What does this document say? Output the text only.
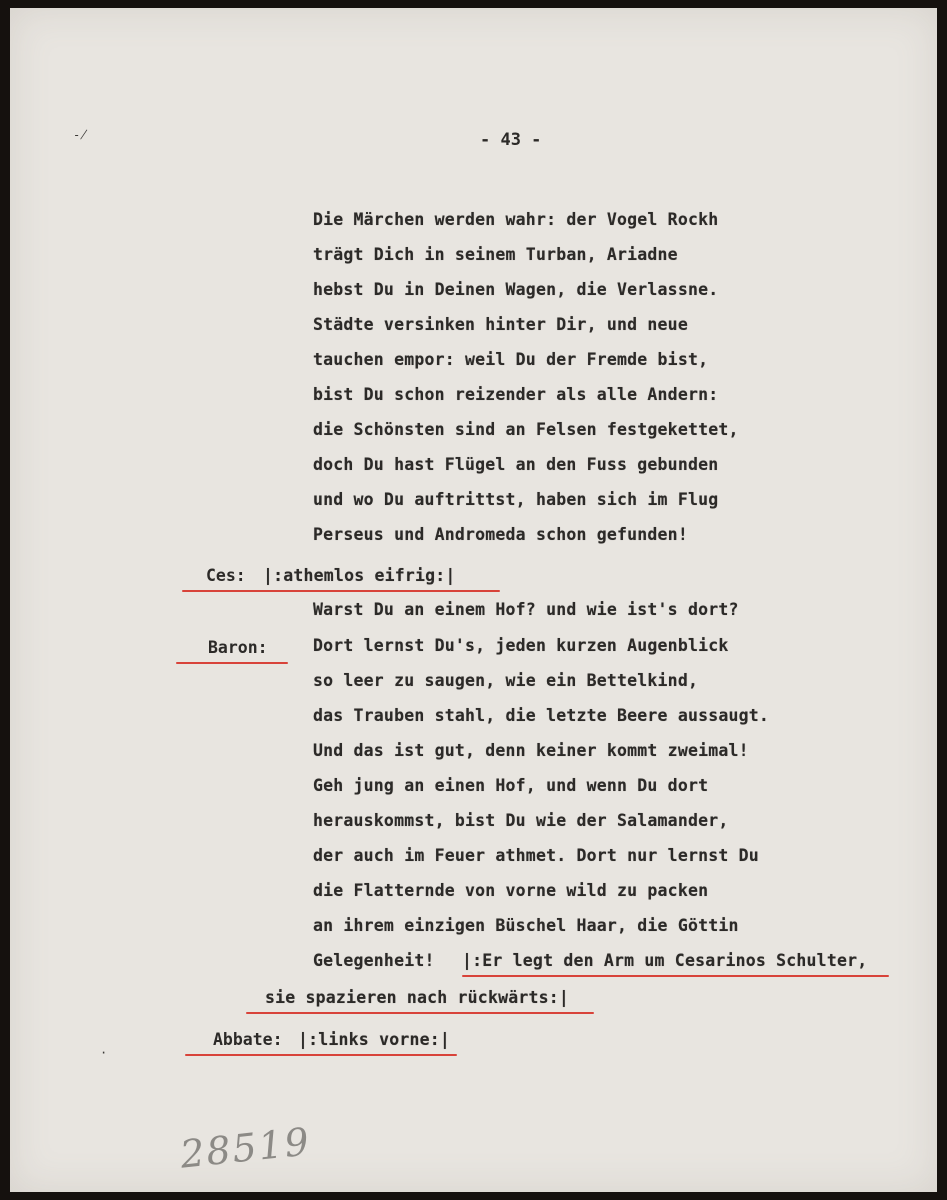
-̸
·
- 43 -
Die Märchen werden wahr: der Vogel Rockh
trägt Dich in seinem Turban, Ariadne
hebst Du in Deinen Wagen, die Verlassne.
Städte versinken hinter Dir, und neue
tauchen empor: weil Du der Fremde bist,
bist Du schon reizender als alle Andern:
die Schönsten sind an Felsen festgekettet,
doch Du hast Flügel an den Fuss gebunden
und wo Du auftrittst, haben sich im Flug
Perseus und Andromeda schon gefunden!
Ces: |:athemlos eifrig:|
Warst Du an einem Hof? und wie ist's dort?
Baron:	Dort lernst Du's, jeden kurzen Augenblick
so leer zu saugen, wie ein Bettelkind,
das Trauben stahl, die letzte Beere aussaugt.
Und das ist gut, denn keiner kommt zweimal!
Geh jung an einen Hof, und wenn Du dort
herauskommst, bist Du wie der Salamander,
der auch im Feuer athmet. Dort nur lernst Du
die Flatternde von vorne wild zu packen
an ihrem einzigen Büschel Haar, die Göttin
Gelegenheit! |:Er legt den Arm um Cesarinos Schulter,
sie spazieren nach rückwärts:|
Abbate: |:links vorne:|
28519
